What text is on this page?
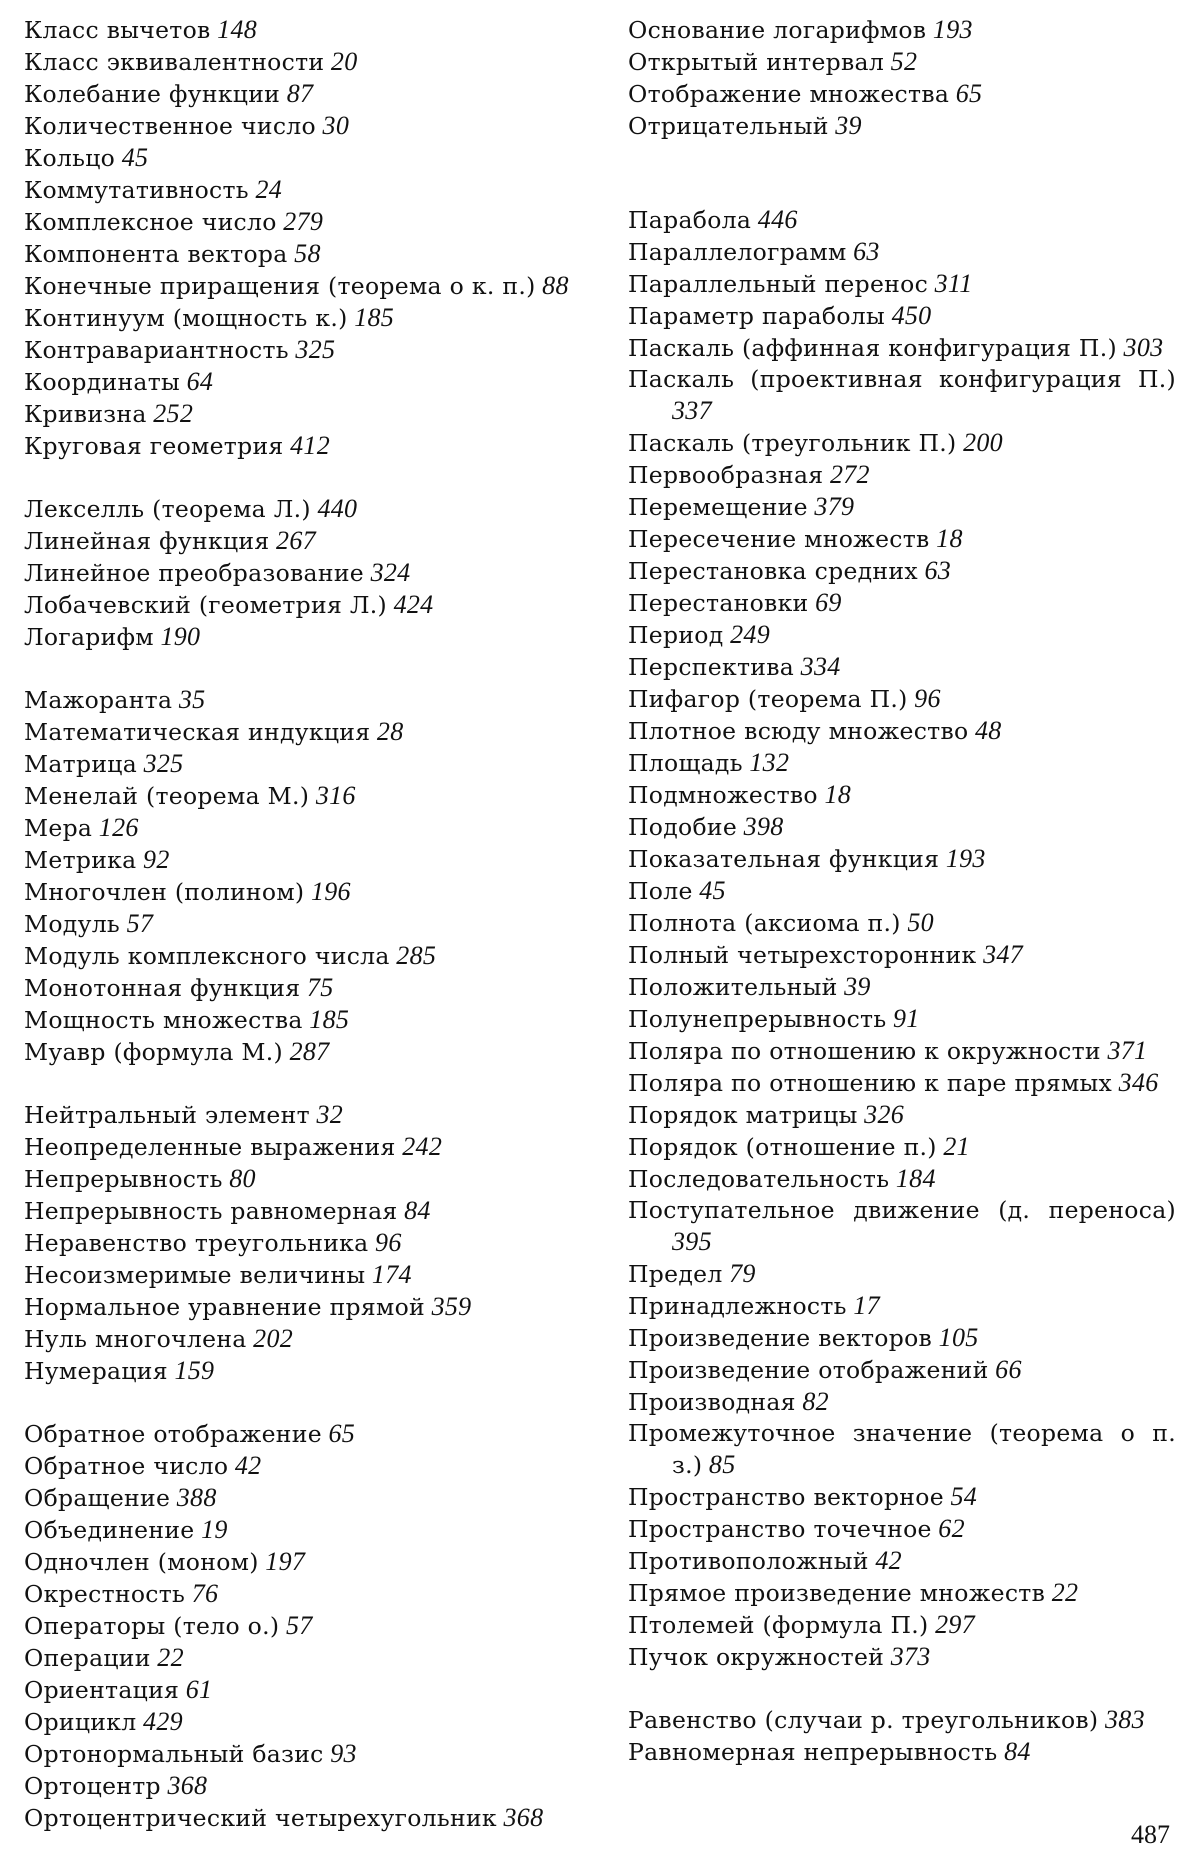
Класс вычетов 148
Класс эквивалентности 20
Колебание функции 87
Количественное число 30
Кольцо 45
Коммутативность 24
Комплексное число 279
Компонента вектора 58
Конечные приращения (теорема о к. п.) 88
Континуум (мощность к.) 185
Контравариантность 325
Координаты 64
Кривизна 252
Круговая геометрия 412
Лекселль (теорема Л.) 440
Линейная функция 267
Линейное преобразование 324
Лобачевский (геометрия Л.) 424
Логарифм 190
Мажоранта 35
Математическая индукция 28
Матрица 325
Менелай (теорема М.) 316
Мера 126
Метрика 92
Многочлен (полином) 196
Модуль 57
Модуль комплексного числа 285
Монотонная функция 75
Мощность множества 185
Муавр (формула М.) 287
Нейтральный элемент 32
Неопределенные выражения 242
Непрерывность 80
Непрерывность равномерная 84
Неравенство треугольника 96
Несоизмеримые величины 174
Нормальное уравнение прямой 359
Нуль многочлена 202
Нумерация 159
Обратное отображение 65
Обратное число 42
Обращение 388
Объединение 19
Одночлен (моном) 197
Окрестность 76
Операторы (тело о.) 57
Операции 22
Ориентация 61
Орицикл 429
Ортонормальный базис 93
Ортоцентр 368
Ортоцентрический четырехугольник 368
Основание логарифмов 193
Открытый интервал 52
Отображение множества 65
Отрицательный 39
Парабола 446
Параллелограмм 63
Параллельный перенос 311
Параметр параболы 450
Паскаль (аффинная конфигурация П.) 303
Паскаль (проективная конфигурация П.) 337
Паскаль (треугольник П.) 200
Первообразная 272
Перемещение 379
Пересечение множеств 18
Перестановка средних 63
Перестановки 69
Период 249
Перспектива 334
Пифагор (теорема П.) 96
Плотное всюду множество 48
Площадь 132
Подмножество 18
Подобие 398
Показательная функция 193
Поле 45
Полнота (аксиома п.) 50
Полный четырехсторонник 347
Положительный 39
Полунепрерывность 91
Поляра по отношению к окружности 371
Поляра по отношению к паре прямых 346
Порядок матрицы 326
Порядок (отношение п.) 21
Последовательность 184
Поступательное движение (д. переноса) 395
Предел 79
Принадлежность 17
Произведение векторов 105
Произведение отображений 66
Производная 82
Промежуточное значение (теорема о п. з.) 85
Пространство векторное 54
Пространство точечное 62
Противоположный 42
Прямое произведение множеств 22
Птолемей (формула П.) 297
Пучок окружностей 373
Равенство (случаи р. треугольников) 383
Равномерная непрерывность 84
487
